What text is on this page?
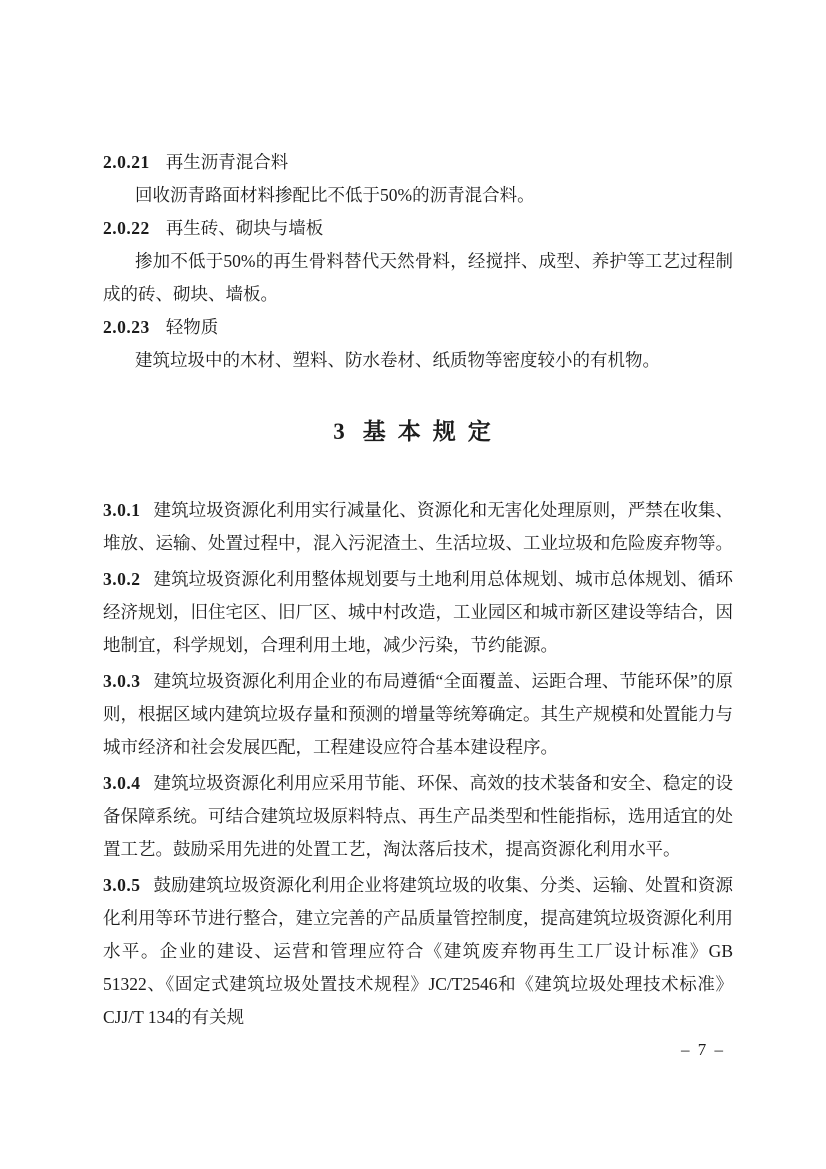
2.0.21 再生沥青混合料

回收沥青路面材料掺配比不低于50%的沥青混合料。

2.0.22 再生砖、砌块与墙板

掺加不低于50%的再生骨料替代天然骨料，经搅拌、成型、养护等工艺过程制成的砖、砌块、墙板。

2.0.23 轻物质

建筑垃圾中的木材、塑料、防水卷材、纸质物等密度较小的有机物。

3 基本规定

3.0.1 建筑垃圾资源化利用实行减量化、资源化和无害化处理原则，严禁在收集、堆放、运输、处置过程中，混入污泥渣土、生活垃圾、工业垃圾和危险废弃物等。

3.0.2 建筑垃圾资源化利用整体规划要与土地利用总体规划、城市总体规划、循环经济规划，旧住宅区、旧厂区、城中村改造，工业园区和城市新区建设等结合，因地制宜，科学规划，合理利用土地，减少污染，节约能源。

3.0.3 建筑垃圾资源化利用企业的布局遵循“全面覆盖、运距合理、节能环保”的原则，根据区域内建筑垃圾存量和预测的增量等统筹确定。其生产规模和处置能力与城市经济和社会发展匹配，工程建设应符合基本建设程序。

3.0.4 建筑垃圾资源化利用应采用节能、环保、高效的技术装备和安全、稳定的设备保障系统。可结合建筑垃圾原料特点、再生产品类型和性能指标，选用适宜的处置工艺。鼓励采用先进的处置工艺，淘汰落后技术，提高资源化利用水平。

3.0.5 鼓励建筑垃圾资源化利用企业将建筑垃圾的收集、分类、运输、处置和资源化利用等环节进行整合，建立完善的产品质量管控制度，提高建筑垃圾资源化利用水平。企业的建设、运营和管理应符合《建筑废弃物再生工厂设计标准》GB 51322、《固定式建筑垃圾处置技术规程》JC/T2546和《建筑垃圾处理技术标准》CJJ/T 134的有关规

– 7 –
